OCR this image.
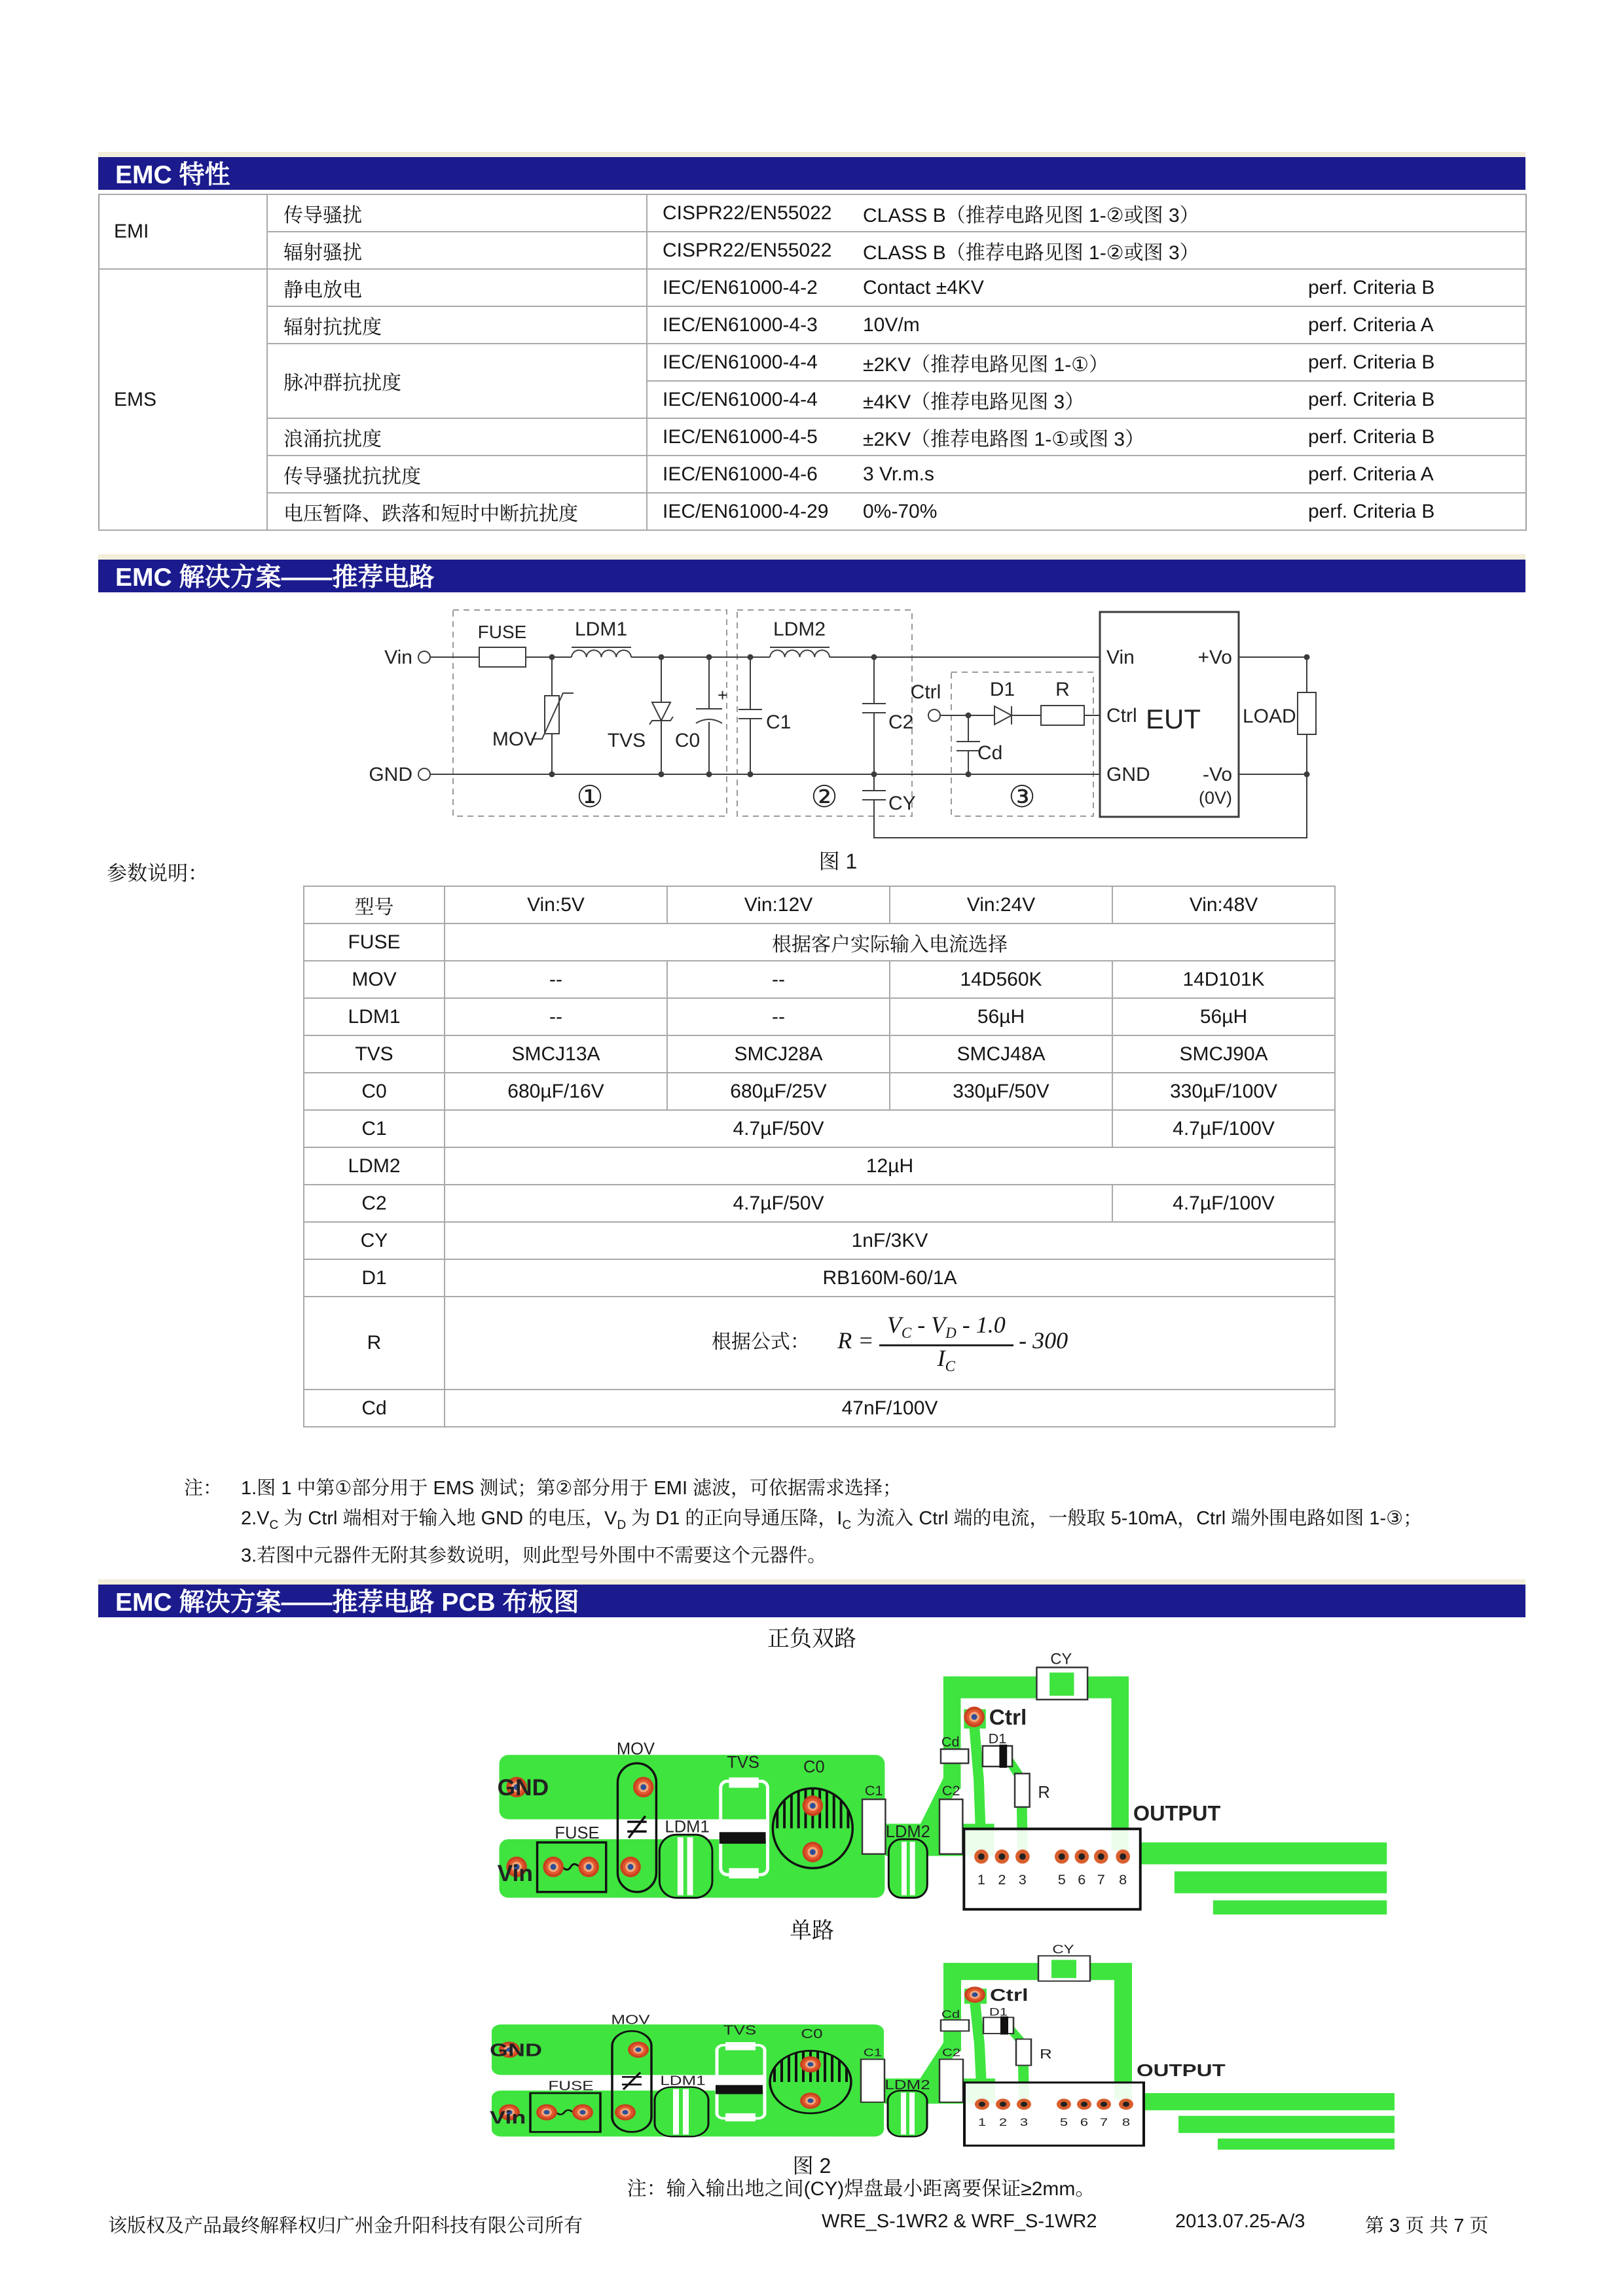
EMC 特性
EMI	传导骚扰	CISPR22/EN55022	CLASS B（推荐电路见图 1-②或图 3）	
	辐射骚扰	CISPR22/EN55022	CLASS B（推荐电路见图 1-②或图 3）	
EMS	静电放电	IEC/EN61000-4-2	Contact ±4KV	perf. Criteria B
	辐射抗扰度	IEC/EN61000-4-3	10V/m	perf. Criteria A
	脉冲群抗扰度	IEC/EN61000-4-4	±2KV（推荐电路见图 1-①）	perf. Criteria B
		IEC/EN61000-4-4	±4KV（推荐电路见图 3）	perf. Criteria B
	浪涌抗扰度	IEC/EN61000-4-5	±2KV（推荐电路图 1-①或图 3）	perf. Criteria B
	传导骚扰抗扰度	IEC/EN61000-4-6	3 Vr.m.s	perf. Criteria A
	电压暂降、跌落和短时中断抗扰度	IEC/EN61000-4-29	0%-70%	perf. Criteria B
EMC 解决方案——推荐电路
Vin
GND
FUSE LDM1	LDM2
MOV	TVS C0
+
C1	C2
CY
Ctrl D1 R
Cd
Vin
Ctrl
GND
+Vo
-Vo
(0V)
EUT LOAD
①	②	③
图 1
参数说明：
型号	Vin:5V	Vin:12V	Vin:24V	Vin:48V
FUSE	根据客户实际输入电流选择			
MOV	--	--	14D560K	14D101K
LDM1	--	--	56µH	56µH
TVS	SMCJ13A	SMCJ28A	SMCJ48A	SMCJ90A
C0	680µF/16V	680µF/25V	330µF/50V	330µF/100V
C1	4.7µF/50V			4.7µF/100V
LDM2	12µH			
C2	4.7µF/50V			4.7µF/100V
CY	1nF/3KV			
D1	RB160M-60/1A			
R	根据公式： $R = \frac{V_C - V_D - 1.0}{I_C} - 300$			
Cd	47nF/100V			
注： 1.图 1 中第①部分用于 EMS 测试；第②部分用于 EMI 滤波，可依据需求选择；
$2.V_C$ 为 Ctrl 端相对于输入地 GND 的电压，$V_D$ 为 D1 的正向导通压降，$I_C$ 为流入 Ctrl 端的电流，一般取 5-10mA，Ctrl 端外围电路如图 1-③；
3.若图中元器件无附其参数说明，则此型号外围中不需要这个元器件。
EMC 解决方案——推荐电路 PCB 布板图
正负双路
GND
Vin
FUSE
MOV
LDM1
TVS	C0
C1
LDM2
C2
Cd D1
R
CY
Ctrl
OUTPUT
1 2 3 5 6 7 8
单路
GND
Vin
FUSE
MOV
LDM1
TVS	C0
C1
LDM2
C2
Cd D1
R
CY
Ctrl
OUTPUT
1 2 3 5 6 7 8
图 2
注：输入输出地之间(CY)焊盘最小距离要保证≥2mm。
该版权及产品最终解释权归广州金升阳科技有限公司所有	WRE_S-1WR2 & WRF_S-1WR2	2013.07.25-A/3	第 3 页 共 7 页
